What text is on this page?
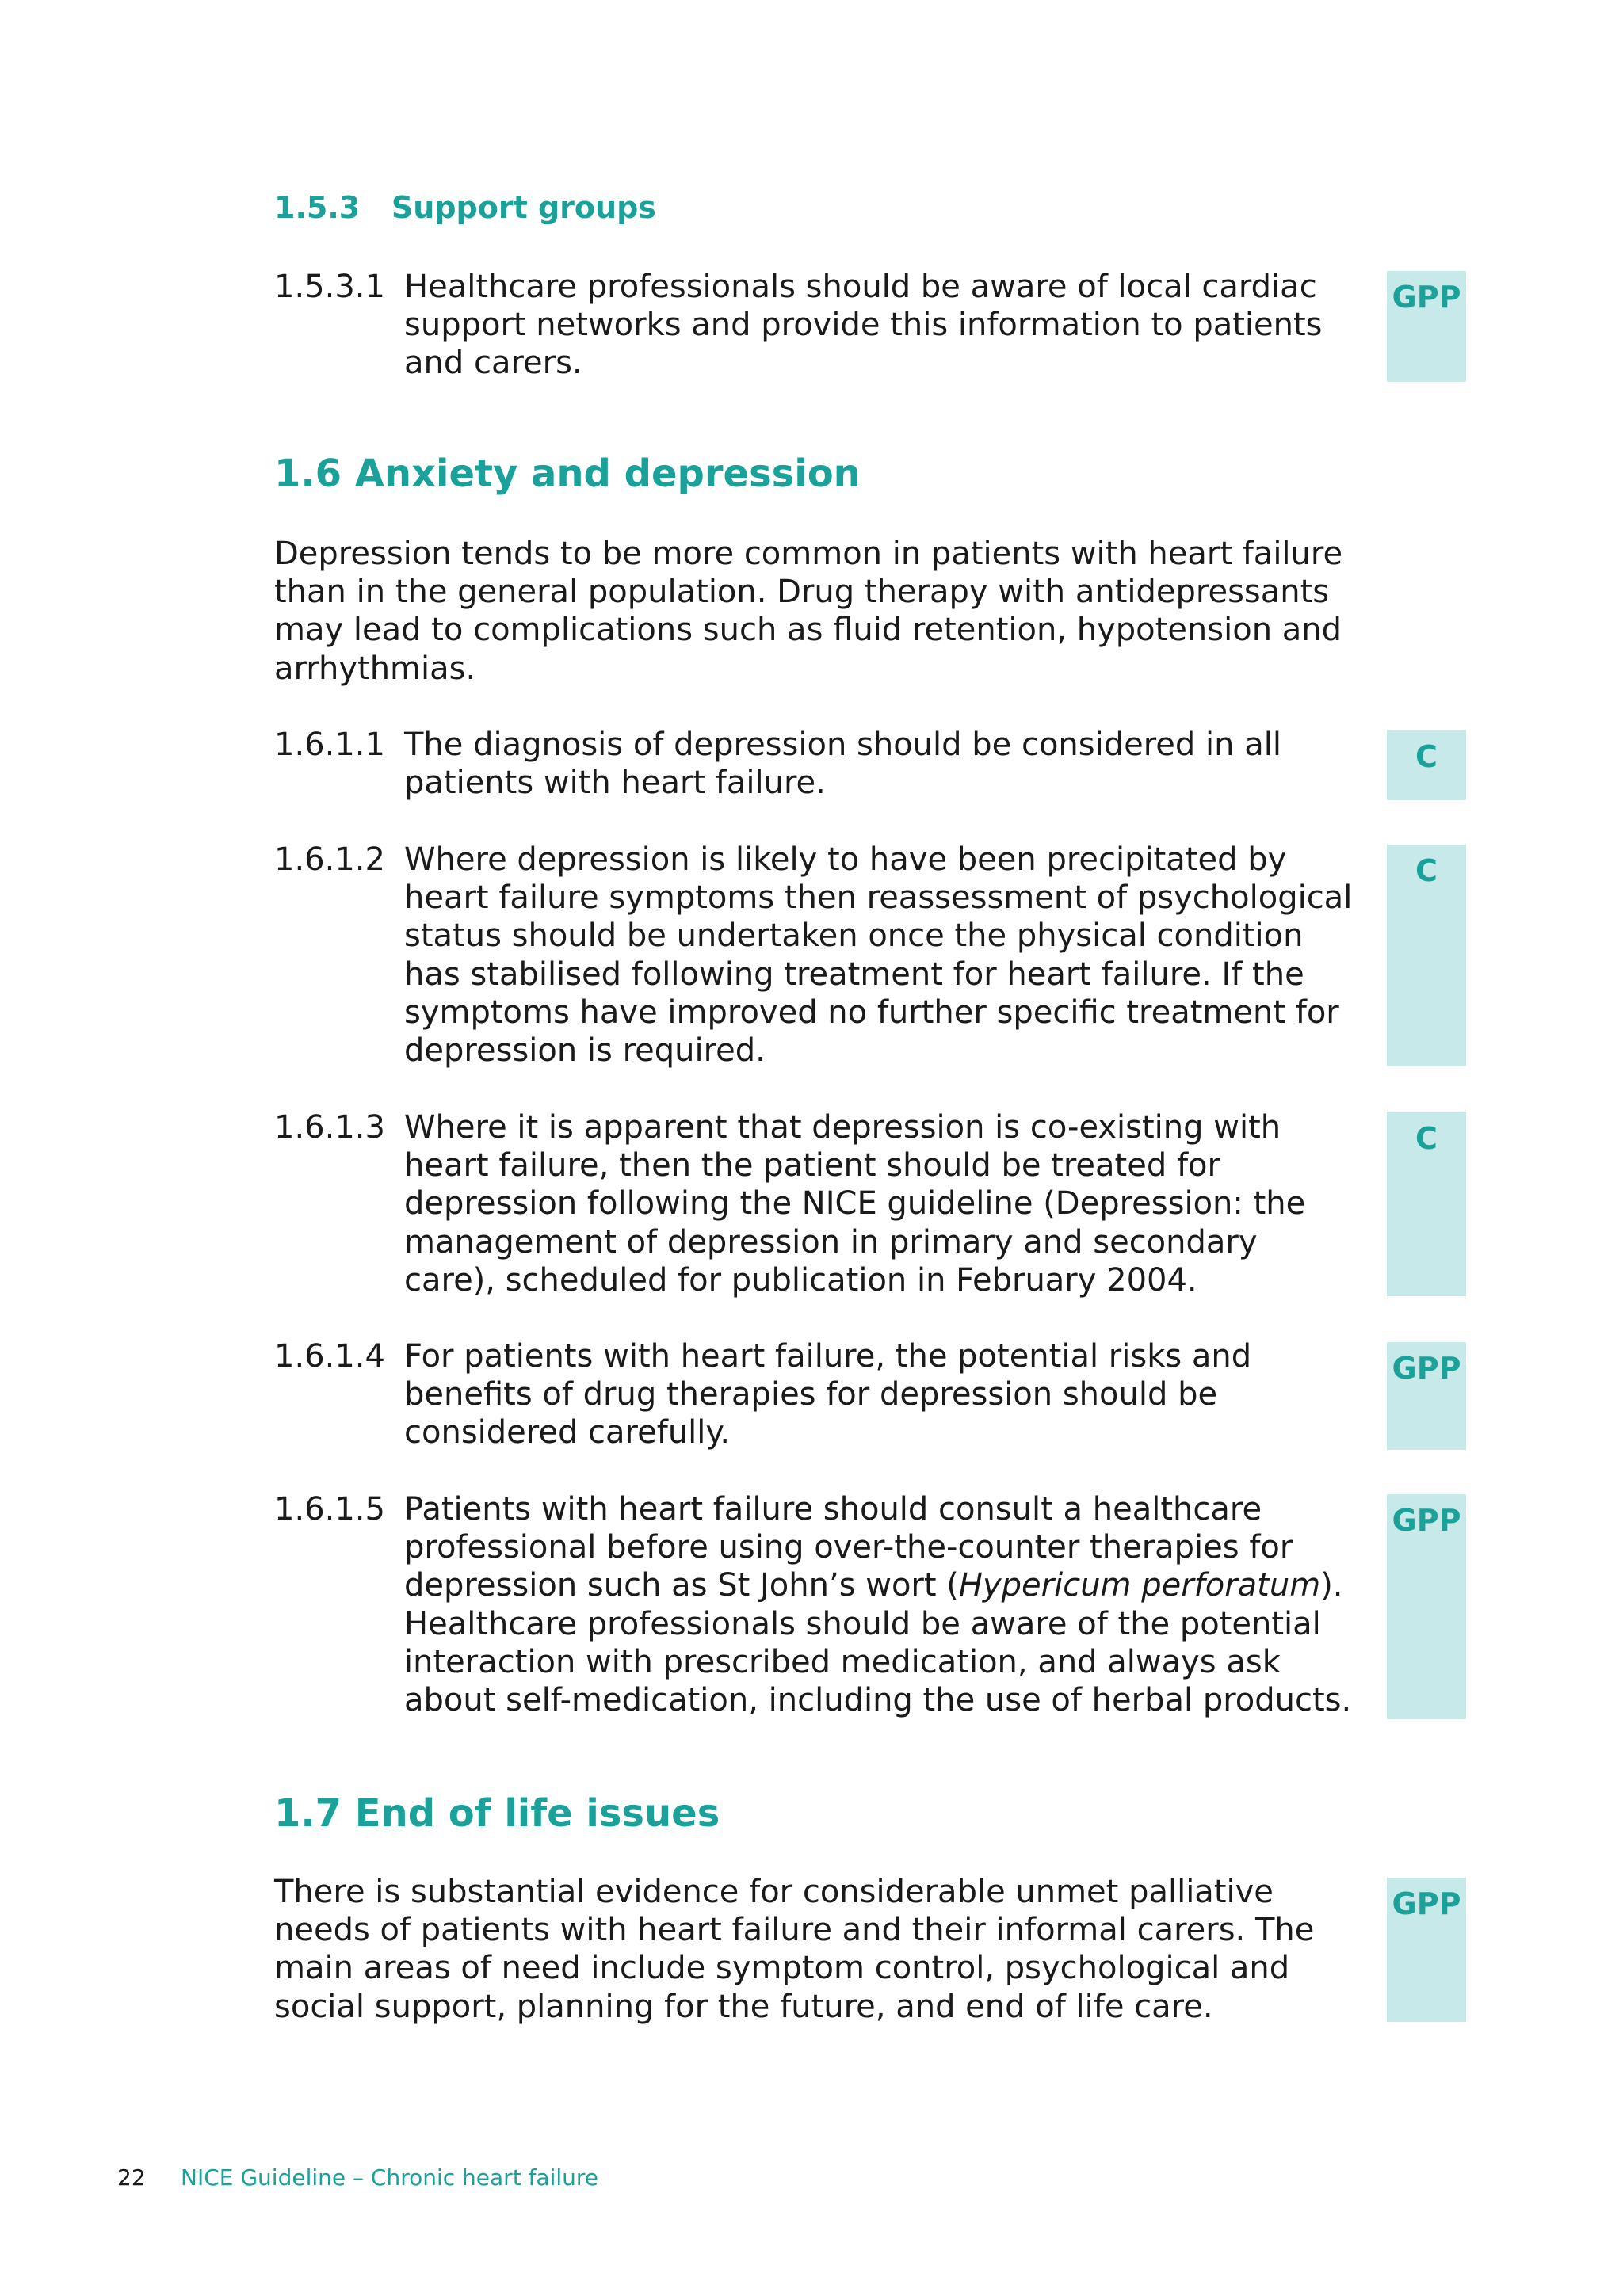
1.5.3 Support groups
1.5.3.1 Healthcare professionals should be aware of local cardiac support networks and provide this information to patients and carers.
GPP
1.6 Anxiety and depression
Depression tends to be more common in patients with heart failure than in the general population. Drug therapy with antidepressants may lead to complications such as fluid retention, hypotension and arrhythmias.
1.6.1.1 The diagnosis of depression should be considered in all patients with heart failure.
C
1.6.1.2 Where depression is likely to have been precipitated by heart failure symptoms then reassessment of psychological status should be undertaken once the physical condition has stabilised following treatment for heart failure. If the symptoms have improved no further specific treatment for depression is required.
C
1.6.1.3 Where it is apparent that depression is co-existing with heart failure, then the patient should be treated for depression following the NICE guideline (Depression: the management of depression in primary and secondary care), scheduled for publication in February 2004.
C
1.6.1.4 For patients with heart failure, the potential risks and benefits of drug therapies for depression should be considered carefully.
GPP
1.6.1.5 Patients with heart failure should consult a healthcare professional before using over-the-counter therapies for depression such as St John’s wort (Hypericum perforatum). Healthcare professionals should be aware of the potential interaction with prescribed medication, and always ask about self-medication, including the use of herbal products.
GPP
1.7 End of life issues
There is substantial evidence for considerable unmet palliative needs of patients with heart failure and their informal carers. The main areas of need include symptom control, psychological and social support, planning for the future, and end of life care.
GPP
22 NICE Guideline – Chronic heart failure
